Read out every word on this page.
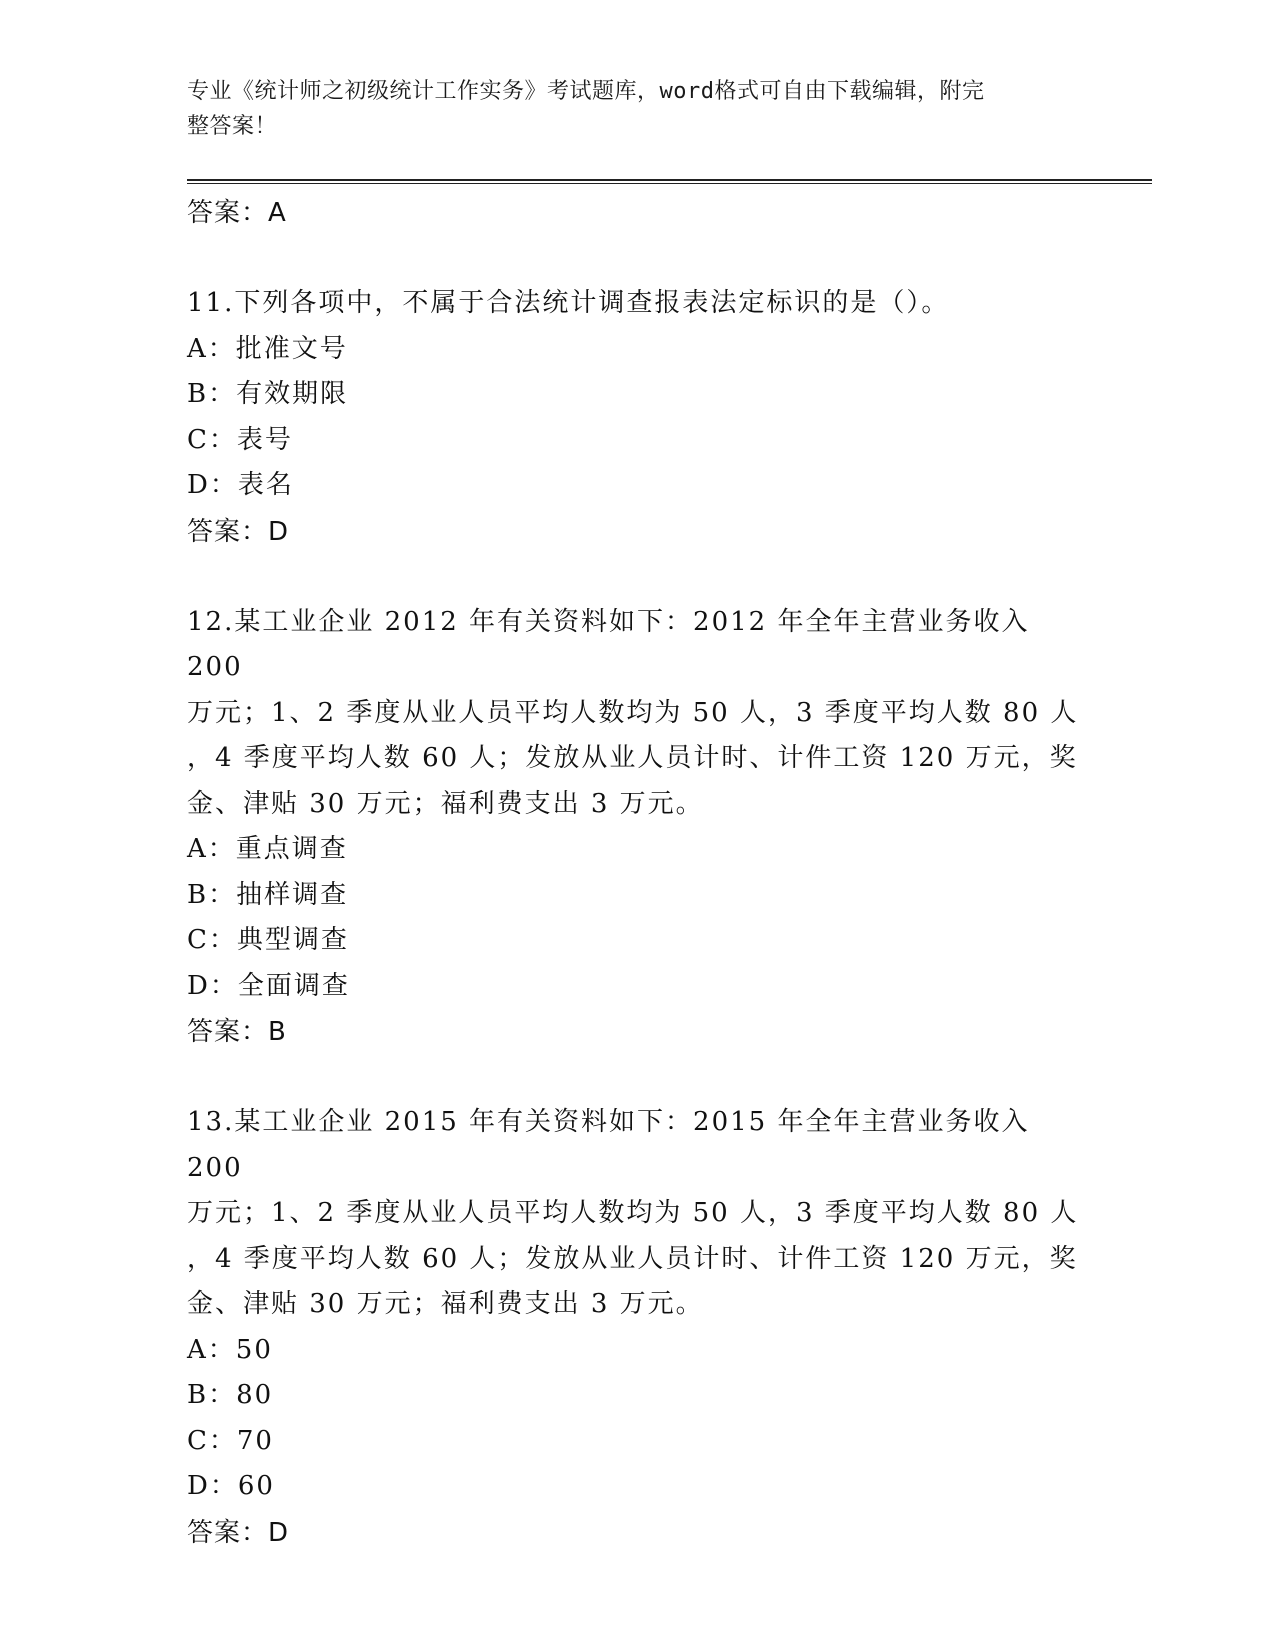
专业《统计师之初级统计工作实务》考试题库，word格式可自由下载编辑，附完
整答案！
答案：A
11.下列各项中，不属于合法统计调查报表法定标识的是（）。
A：批准文号
B：有效期限
C：表号
D：表名
答案：D
12.某工业企业 2012 年有关资料如下：2012 年全年主营业务收入 200
万元；1、2 季度从业人员平均人数均为 50 人，3 季度平均人数 80 人
，4 季度平均人数 60 人；发放从业人员计时、计件工资 120 万元，奖
金、津贴 30 万元；福利费支出 3 万元。
A：重点调查
B：抽样调查
C：典型调查
D：全面调查
答案：B
13.某工业企业 2015 年有关资料如下：2015 年全年主营业务收入 200
万元；1、2 季度从业人员平均人数均为 50 人，3 季度平均人数 80 人
，4 季度平均人数 60 人；发放从业人员计时、计件工资 120 万元，奖
金、津贴 30 万元；福利费支出 3 万元。
A：50
B：80
C：70
D：60
答案：D
